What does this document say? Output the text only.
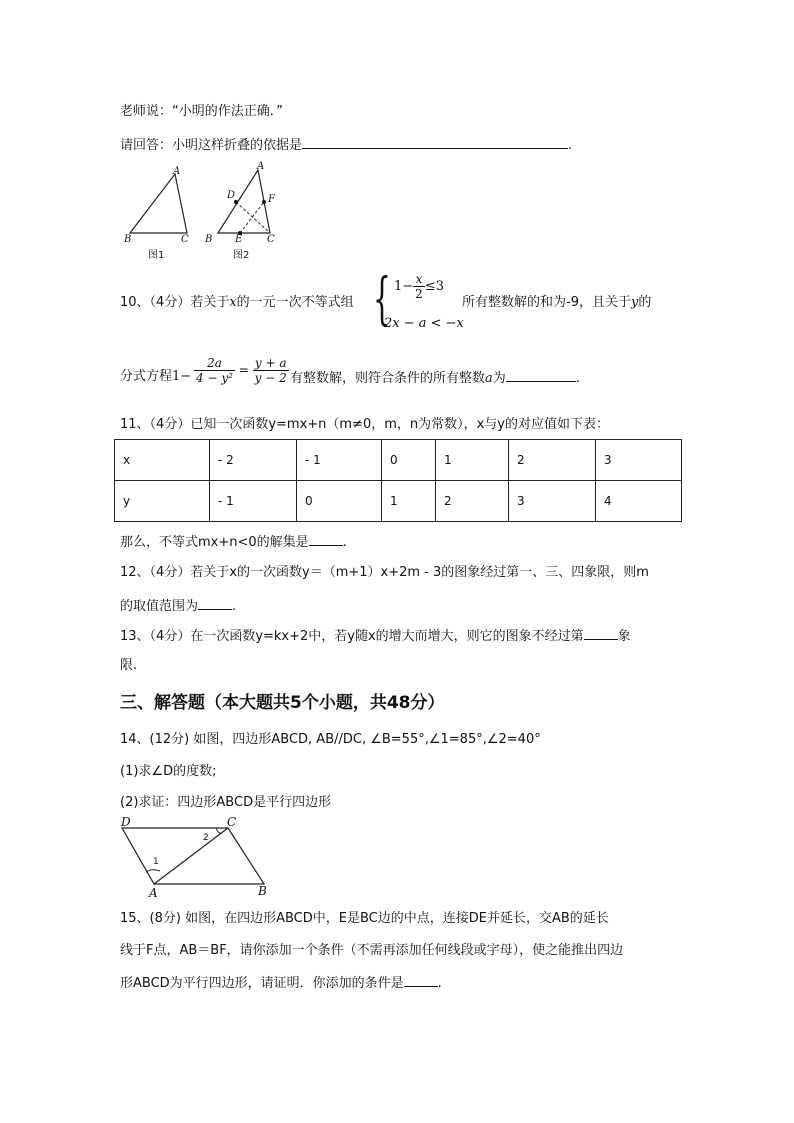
老师说：“小明的作法正确．”
请回答：小明这样折叠的依据是	.
A
B	C
图1
A
B	C
D
E
F
图2
10、（4分）若关于x的一元一次不等式组 { $1- \frac{x}{2} \le 3$
2x − a < −x
所有整数解的和为-9，且关于y的
分式方程$1- \frac{2a}{\text{4 − y²}} = \frac{y + a}{y - 2}$ 有整数解，则符合条件的所有整数a为	.
11、（4分）已知一次函数y=mx+n（m≠0，m，n为常数），x与y的对应值如下表：
x	- 2	- 1	0	1	2	3
y	- 1	0	1	2	3	4
那么，不等式mx+n<0的解集是	.
12、（4分）若关于x的一次函数y＝（m+1）x+2m - 3的图象经过第一、三、四象限，则m
的取值范围为	.
13、（4分）在一次函数y=kx+2中，若y随x的增大而增大，则它的图象不经过第	象
限.
三、解答题（本大题共5个小题，共48分）
14、(12分) 如图，四边形ABCD, AB//DC, ∠B=55°,∠1=85°,∠2=40°
(1)求∠D的度数;
(2)求证：四边形ABCD是平行四边形
D	C
A	B
1
2
15、(8分) 如图，在四边形ABCD中，E是BC边的中点，连接DE并延长，交AB的延长
线于F点，AB＝BF，请你添加一个条件（不需再添加任何线段或字母），使之能推出四边
形ABCD为平行四边形，请证明．你添加的条件是	.
